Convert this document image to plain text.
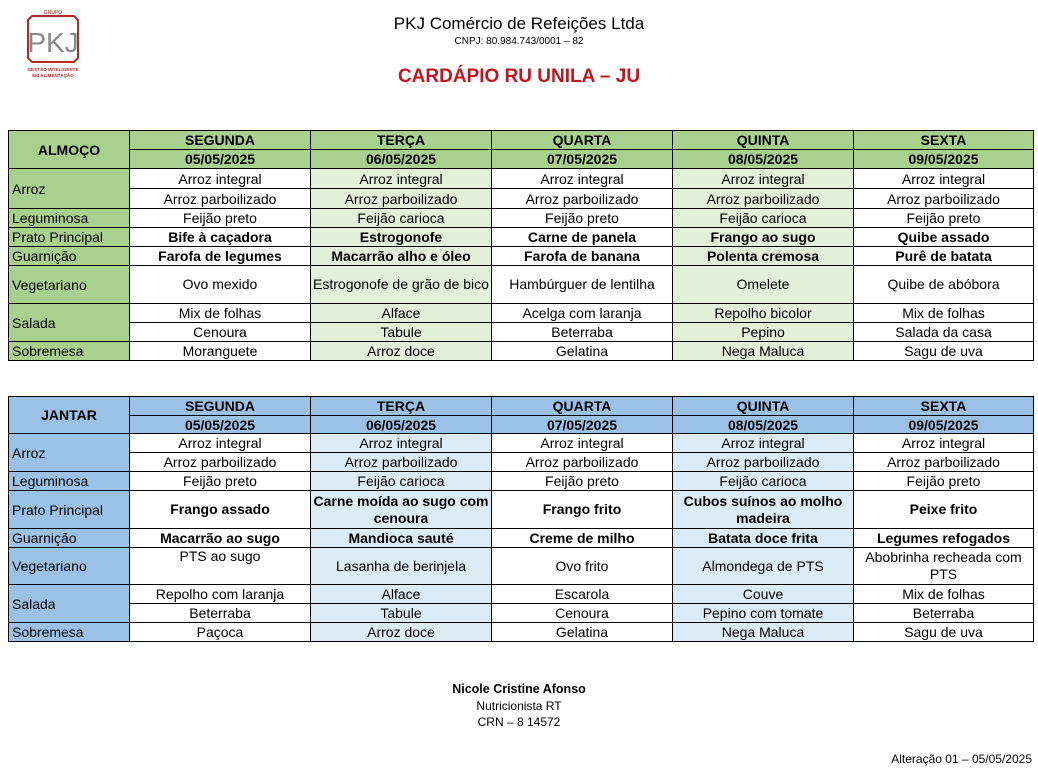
GRUPO
PKJ
GESTÃO INTELIGENTE
EM ALIMENTAÇÃO
PKJ Comércio de Refeições Ltda
CNPJ: 80.984.743/0001 – 82
CARDÁPIO RU UNILA – JU
ALMOÇO	SEGUNDA	TERÇA	QUARTA	QUINTA	SEXTA
	05/05/2025	06/05/2025	07/05/2025	08/05/2025	09/05/2025
Arroz	Arroz integral	Arroz integral	Arroz integral	Arroz integral	Arroz integral
	Arroz parboilizado	Arroz parboilizado	Arroz parboilizado	Arroz parboilizado	Arroz parboilizado
Leguminosa	Feijão preto	Feijão carioca	Feijão preto	Feijão carioca	Feijão preto
Prato Principal	Bife à caçadora	Estrogonofe	Carne de panela	Frango ao sugo	Quibe assado
Guarnição	Farofa de legumes	Macarrão alho e óleo	Farofa de banana	Polenta cremosa	Purê de batata
Vegetariano	Ovo mexido	Estrogonofe de grão de bico	Hambúrguer de lentilha	Omelete	Quibe de abóbora
Salada	Mix de folhas	Alface	Acelga com laranja	Repolho bicolor	Mix de folhas
	Cenoura	Tabule	Beterraba	Pepino	Salada da casa
Sobremesa	Moranguete	Arroz doce	Gelatina	Nega Maluca	Sagu de uva
JANTAR	SEGUNDA	TERÇA	QUARTA	QUINTA	SEXTA
	05/05/2025	06/05/2025	07/05/2025	08/05/2025	09/05/2025
Arroz	Arroz integral	Arroz integral	Arroz integral	Arroz integral	Arroz integral
	Arroz parboilizado	Arroz parboilizado	Arroz parboilizado	Arroz parboilizado	Arroz parboilizado
Leguminosa	Feijão preto	Feijão carioca	Feijão preto	Feijão carioca	Feijão preto
Prato Principal	Frango assado	Carne moída ao sugo com cenoura	Frango frito	Cubos suínos ao molho madeira	Peixe frito
Guarnição	Macarrão ao sugo	Mandioca sauté	Creme de milho	Batata doce frita	Legumes refogados
Vegetariano	PTS ao sugo	Lasanha de berinjela	Ovo frito	Almondega de PTS	Abobrinha recheada com PTS
Salada	Repolho com laranja	Alface	Escarola	Couve	Mix de folhas
	Beterraba	Tabule	Cenoura	Pepino com tomate	Beterraba
Sobremesa	Paçoca	Arroz doce	Gelatina	Nega Maluca	Sagu de uva
Nicole Cristine Afonso
Nutricionista RT
CRN – 8 14572
Alteração 01 – 05/05/2025
